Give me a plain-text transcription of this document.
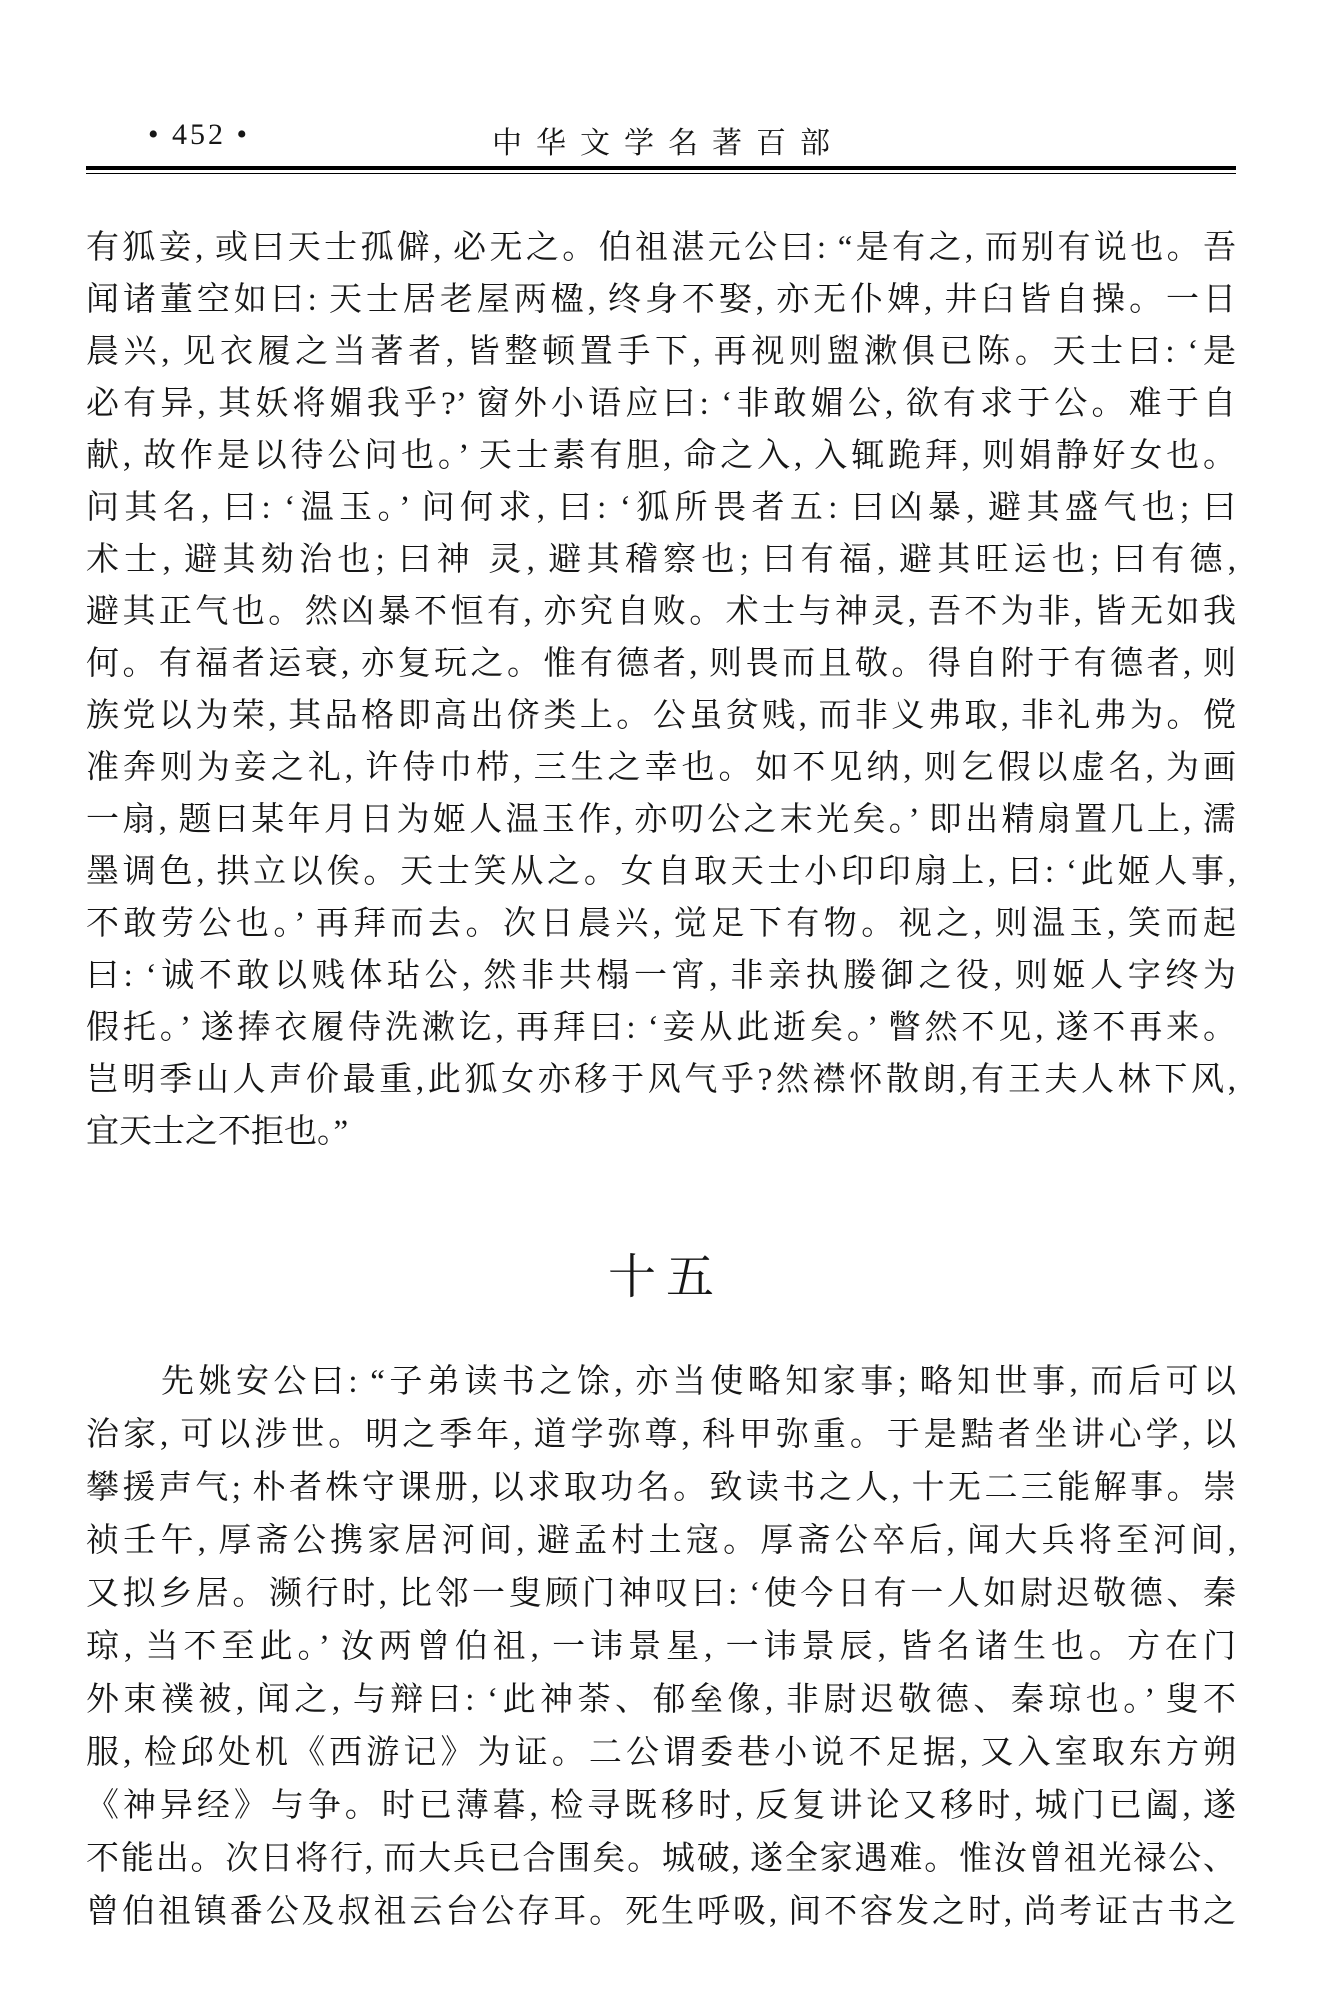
• 452 •	中华文学名著百部
有狐妾, 或曰天士孤僻, 必无之。伯祖湛元公曰: “是有之, 而别有说也。吾
闻诸董空如曰: 天士居老屋两楹, 终身不娶, 亦无仆婢, 井臼皆自操。一日
晨兴, 见衣履之当著者, 皆整顿置手下, 再视则盥漱俱已陈。天士曰: ‘是
必有异, 其妖将媚我乎?’ 窗外小语应曰: ‘非敢媚公, 欲有求于公。难于自
献, 故作是以待公问也。’ 天士素有胆, 命之入, 入辄跪拜, 则娟静好女也。
问其名, 曰: ‘温玉。’ 问何求, 曰: ‘狐所畏者五: 曰凶暴, 避其盛气也; 曰
术士, 避其劾治也; 曰神 灵, 避其稽察也; 曰有福, 避其旺运也; 曰有德,
避其正气也。然凶暴不恒有, 亦究自败。术士与神灵, 吾不为非, 皆无如我
何。有福者运衰, 亦复玩之。惟有德者, 则畏而且敬。得自附于有德者, 则
族党以为荣, 其品格即高出侪类上。公虽贫贱, 而非义弗取, 非礼弗为。傥
准奔则为妾之礼, 许侍巾栉, 三生之幸也。如不见纳, 则乞假以虚名, 为画
一扇, 题曰某年月日为姬人温玉作, 亦叨公之末光矣。’ 即出精扇置几上, 濡
墨调色, 拱立以俟。天士笑从之。女自取天士小印印扇上, 曰: ‘此姬人事,
不敢劳公也。’ 再拜而去。次日晨兴, 觉足下有物。视之, 则温玉, 笑而起
曰: ‘诚不敢以贱体玷公, 然非共榻一宵, 非亲执媵御之役, 则姬人字终为
假托。’ 遂捧衣履侍洗漱讫, 再拜曰: ‘妾从此逝矣。’ 瞥然不见, 遂不再来。
岂明季山人声价最重,此狐女亦移于风气乎?然襟怀散朗,有王夫人林下风,
宜天士之不拒也。”
十五
　　先姚安公曰: “子弟读书之馀, 亦当使略知家事; 略知世事, 而后可以
治家, 可以涉世。明之季年, 道学弥尊, 科甲弥重。于是黠者坐讲心学, 以
攀援声气; 朴者株守课册, 以求取功名。致读书之人, 十无二三能解事。崇
祯壬午, 厚斋公携家居河间, 避孟村土寇。厚斋公卒后, 闻大兵将至河间,
又拟乡居。濒行时, 比邻一叟顾门神叹曰: ‘使今日有一人如尉迟敬德、秦
琼, 当不至此。’ 汝两曾伯祖, 一讳景星, 一讳景辰, 皆名诸生也。方在门
外束襆被, 闻之, 与辩曰: ‘此神荼、郁垒像, 非尉迟敬德、秦琼也。’ 叟不
服, 检邱处机《西游记》为证。二公谓委巷小说不足据, 又入室取东方朔
《神异经》与争。时已薄暮, 检寻既移时, 反复讲论又移时, 城门已阖, 遂
不能出。次日将行, 而大兵已合围矣。城破, 遂全家遇难。惟汝曾祖光禄公、
曾伯祖镇番公及叔祖云台公存耳。死生呼吸, 间不容发之时, 尚考证古书之
